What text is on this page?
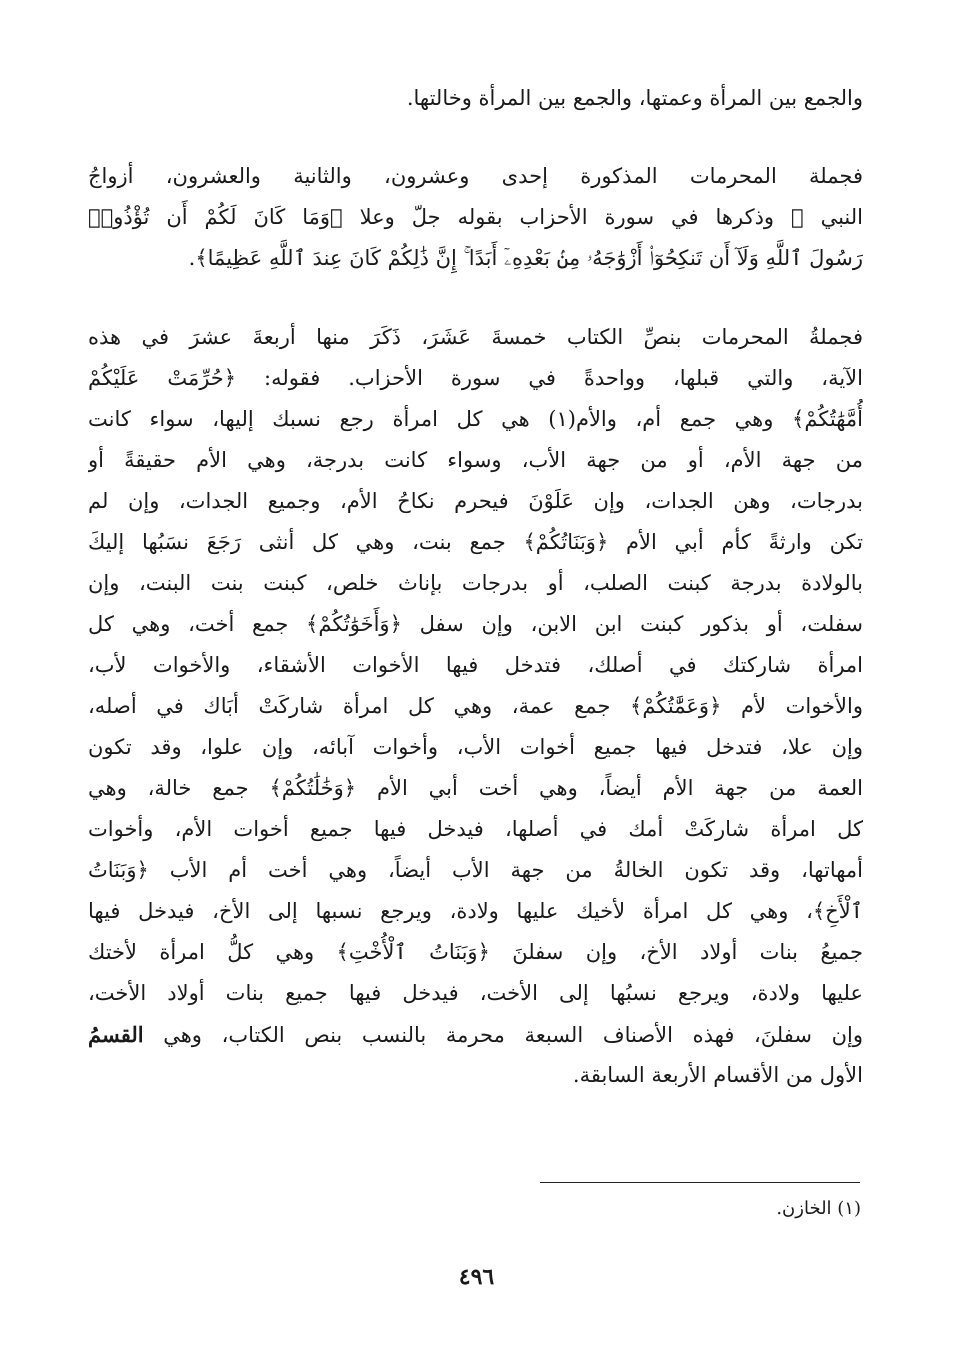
والجمع بين المرأة وعمتها، والجمع بين المرأة وخالتها.
فجملة المحرمات المذكورة إحدى وعشرون، والثانية والعشرون، أزواجُ
النبي ﷺ وذكرها في سورة الأحزاب بقوله جلّ وعلا ﴿وَمَا كَانَ لَكُمْ أَن تُؤْذُوا۟
رَسُولَ ٱللَّهِ وَلَآ أَن تَنكِحُوٓا۟ أَزْوَٰجَهُۥ مِنۢ بَعْدِهِۦٓ أَبَدًا ۚ إِنَّ ذَٰلِكُمْ كَانَ عِندَ ٱللَّهِ عَظِيمًا﴾.
فجملةُ المحرمات بنصِّ الكتاب خمسةَ عَشَرَ، ذَكَرَ منها أربعةَ عشرَ في هذه
الآية، والتي قبلها، وواحدةً في سورة الأحزاب. فقوله: ﴿حُرِّمَتْ عَلَيْكُمْ
أُمَّهَٰتُكُمْ﴾ وهي جمع أم، والأم(١) هي كل امرأة رجع نسبك إليها، سواء كانت
من جهة الأم، أو من جهة الأب، وسواء كانت بدرجة، وهي الأم حقيقةً أو
بدرجات، وهن الجدات، وإن عَلَوْنَ فيحرم نكاحُ الأم، وجميع الجدات، وإن لم
تكن وارثةً كأم أبي الأم ﴿وَبَنَاتُكُمْ﴾ جمع بنت، وهي كل أنثى رَجَعَ نسَبُها إليكَ
بالولادة بدرجة كبنت الصلب، أو بدرجات بإناث خلص، كبنت بنت البنت، وإن
سفلت، أو بذكور كبنت ابن الابن، وإن سفل ﴿وَأَخَوَٰتُكُمْ﴾ جمع أخت، وهي كل
امرأة شاركتك في أصلك، فتدخل فيها الأخوات الأشقاء، والأخوات لأب،
والأخوات لأم ﴿وَعَمَّٰتُكُمْ﴾ جمع عمة، وهي كل امرأة شاركَتْ أبَاك في أصله،
وإن علا، فتدخل فيها جميع أخوات الأب، وأخوات آبائه، وإن علوا، وقد تكون
العمة من جهة الأم أيضاً، وهي أخت أبي الأم ﴿وَخَٰلَٰتُكُمْ﴾ جمع خالة، وهي
كل امرأة شاركَتْ أمك في أصلها، فيدخل فيها جميع أخوات الأم، وأخوات
أمهاتها، وقد تكون الخالةُ من جهة الأب أيضاً، وهي أخت أم الأب ﴿وَبَنَاتُ
ٱلْأَخِ﴾، وهي كل امرأة لأخيك عليها ولادة، ويرجع نسبها إلى الأخ، فيدخل فيها
جميعُ بنات أولاد الأخ، وإن سفلنَ ﴿وَبَنَاتُ ٱلْأُخْتِ﴾ وهي كلُّ امرأة لأختك
عليها ولادة، ويرجع نسبُها إلى الأخت، فيدخل فيها جميع بنات أولاد الأخت،
وإن سفلنَ، فهذه الأصناف السبعة محرمة بالنسب بنص الكتاب، وهي القسمُ
الأول من الأقسام الأربعة السابقة.
(١) الخازن.
٤٩٦
